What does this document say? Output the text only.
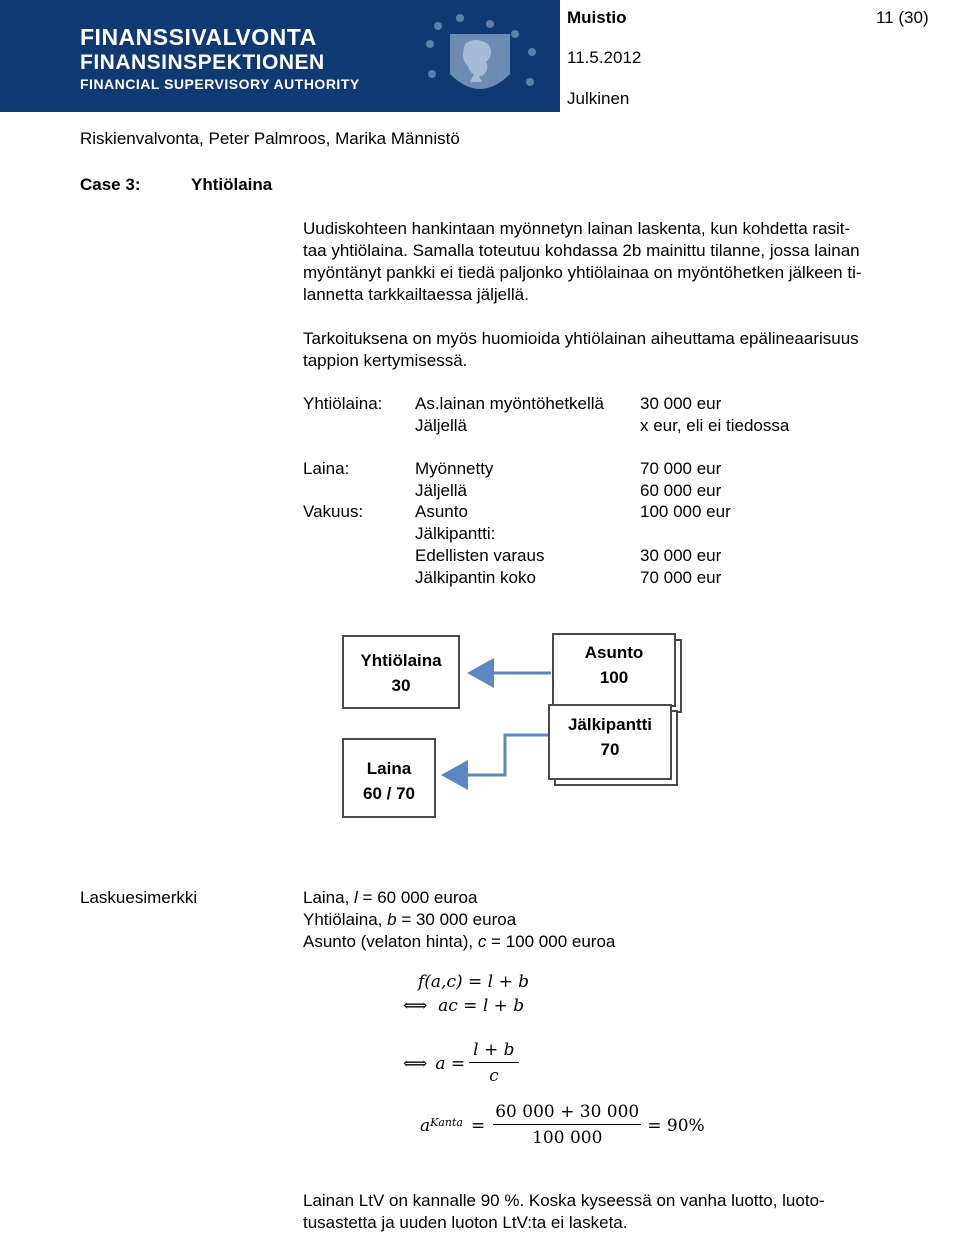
FINANSSIVALVONTA
FINANSINSPEKTIONEN
FINANCIAL SUPERVISORY AUTHORITY
Muistio	11 (30)
11.5.2012
Julkinen
Riskienvalvonta, Peter Palmroos, Marika Männistö
Case 3:	Yhtiölaina
Uudiskohteen hankintaan myönnetyn lainan laskenta, kun kohdetta rasit-
taa yhtiölaina. Samalla toteutuu kohdassa 2b mainittu tilanne, jossa lainan
myöntänyt pankki ei tiedä paljonko yhtiölainaa on myöntöhetken jälkeen ti-
lannetta tarkkailtaessa jäljellä.
Tarkoituksena on myös huomioida yhtiölainan aiheuttama epälineaarisuus
tappion kertymisessä.
Yhtiölaina: As.lainan myöntöhetkellä 30 000 eur
Jäljellä	x eur, eli ei tiedossa
Laina:	Myönnetty	70 000 eur
Jäljellä	60 000 eur
Vakuus:	Asunto	100 000 eur
Jälkipantti:
Edellisten varaus	30 000 eur
Jälkipantin koko	70 000 eur
Yhtiölaina
30
Laina
60 / 70
Asunto
100
Jälkipantti
70
Laskuesimerkki	Laina, l = 60 000 euroa
Yhtiölaina, b = 30 000 euroa
Asunto (velaton hinta), c = 100 000 euroa
f(a,c) = l + b
⟺ ac = l + b
⟺ $a = \frac{l + b}{c}$
$a^{Kanta} = \frac{60 000 + 30 000}{100 000} = 90\%$
Lainan LtV on kannalle 90 %. Koska kyseessä on vanha luotto, luoto-
tusastetta ja uuden luoton LtV:ta ei lasketa.
